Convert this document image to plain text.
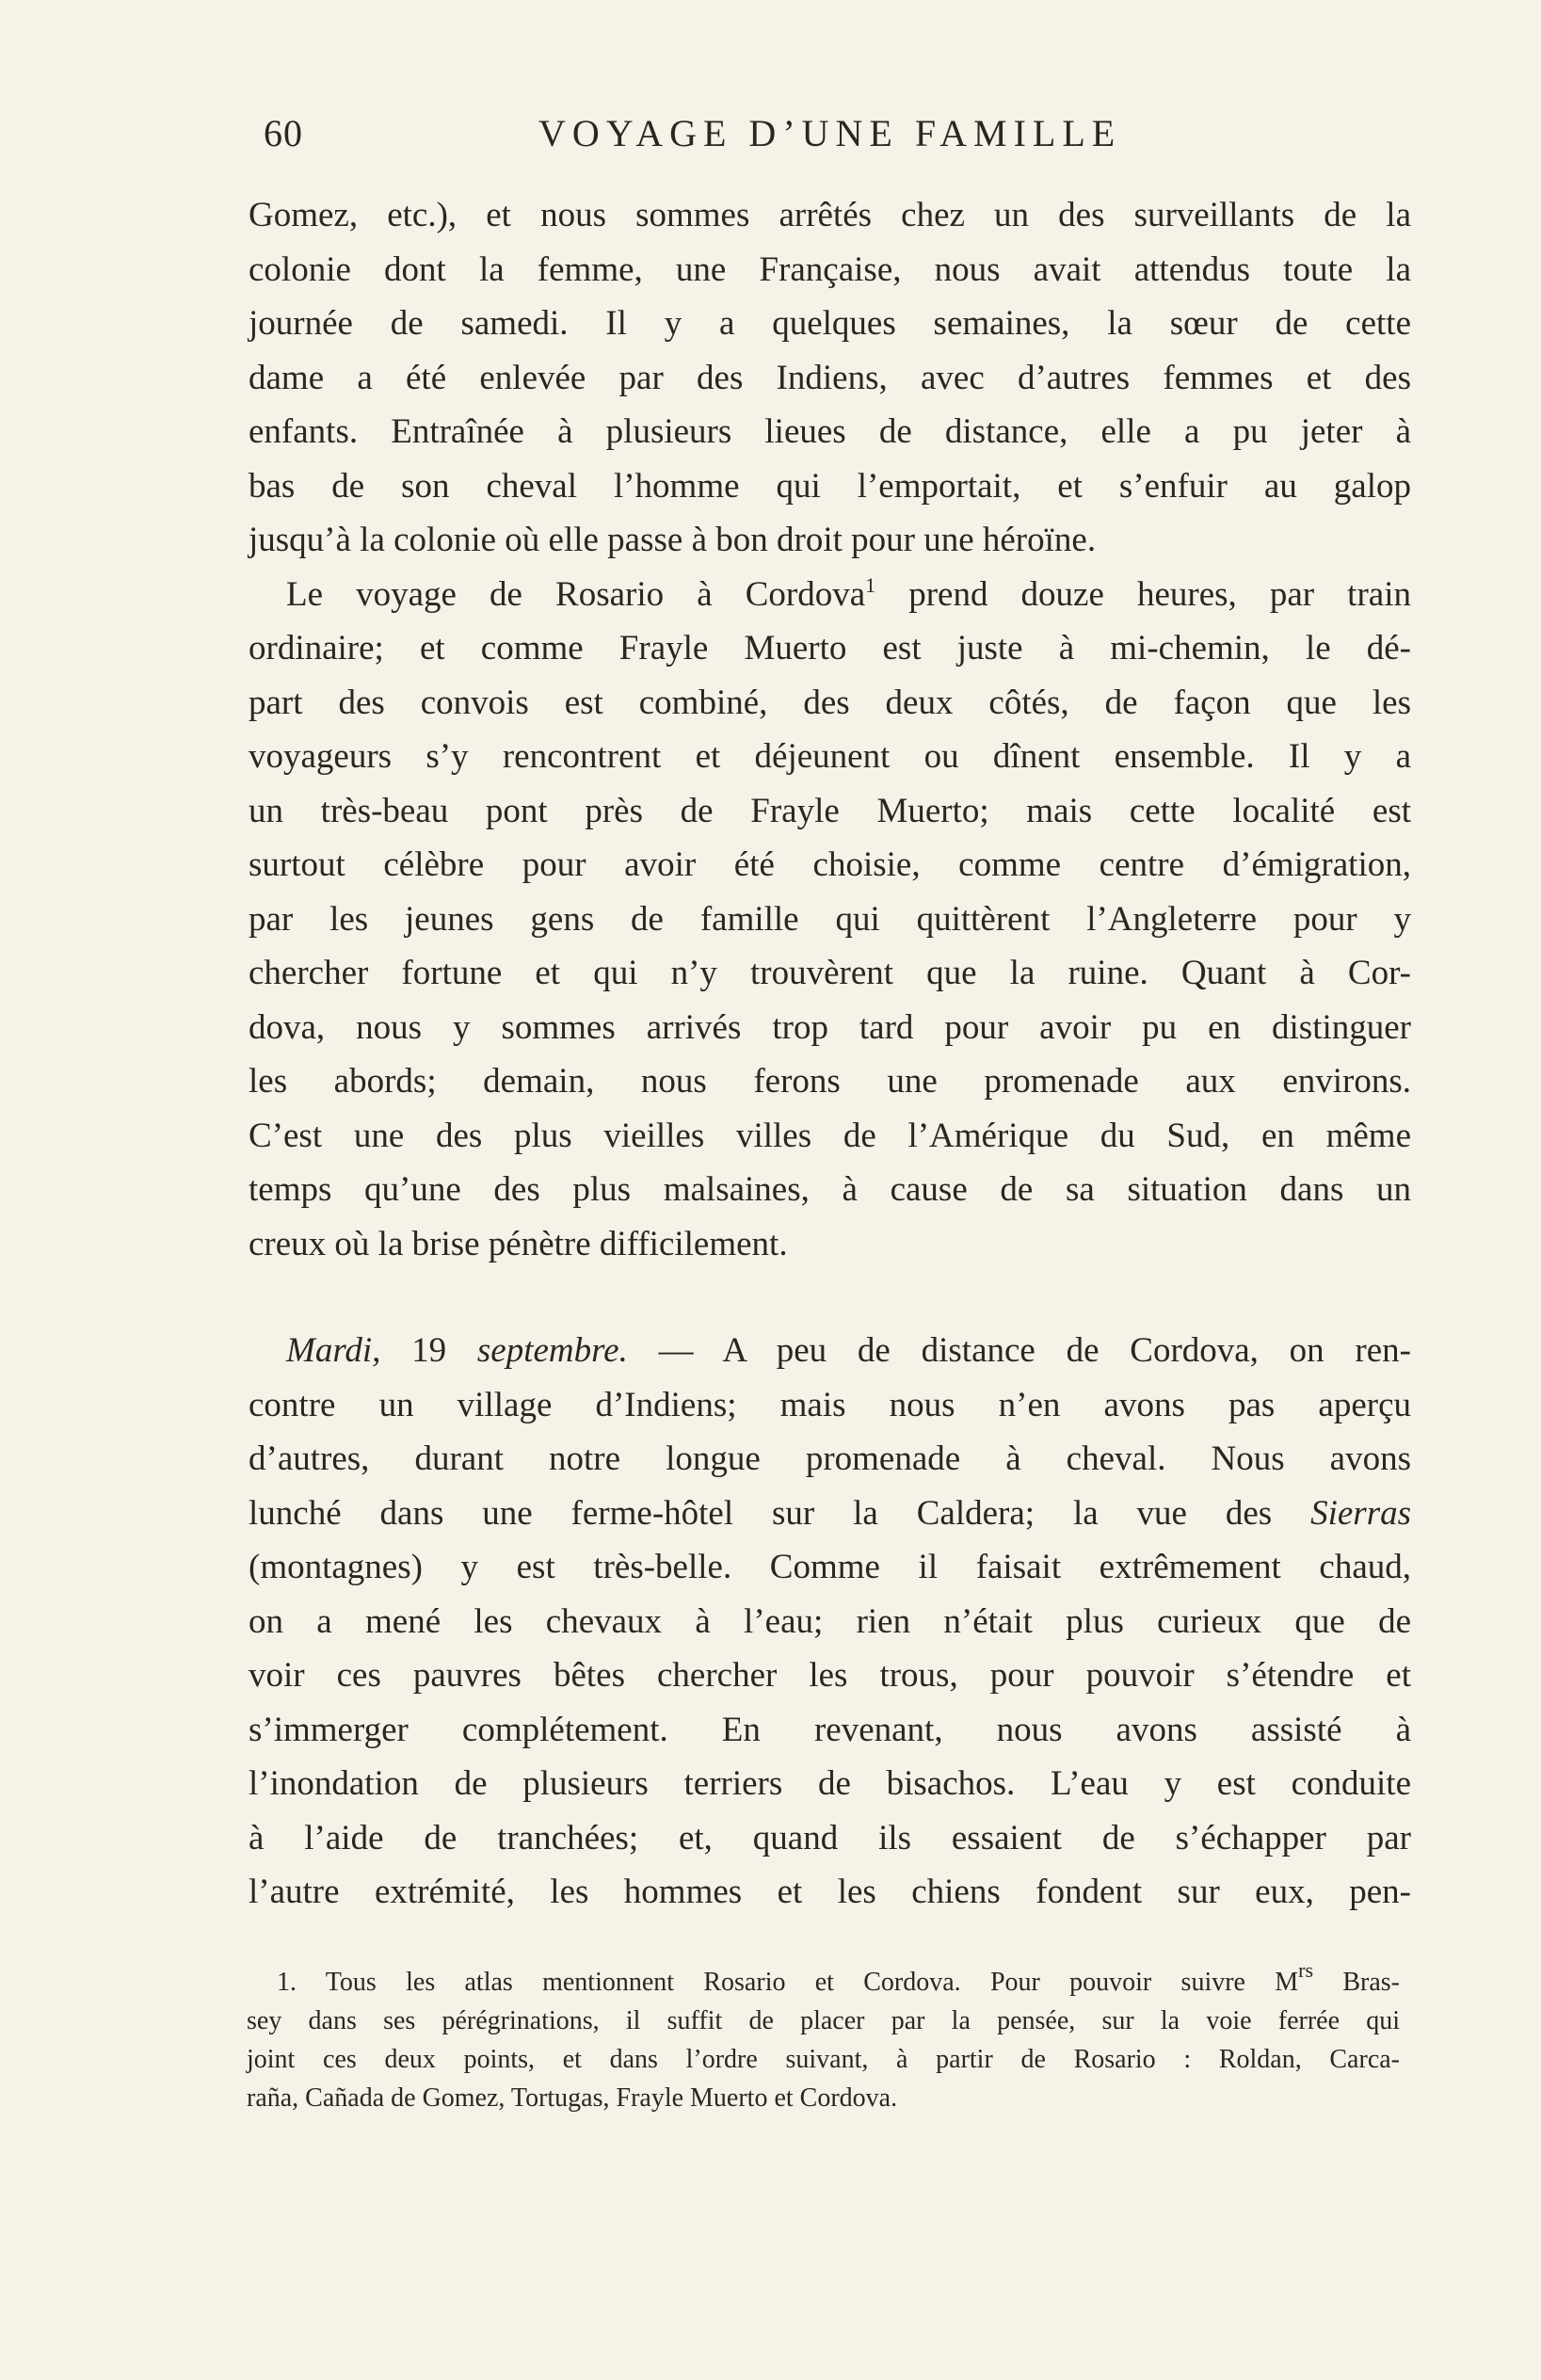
60	VOYAGE D’UNE FAMILLE
Gomez, etc.), et nous sommes arrêtés chez un des surveillants de la
colonie dont la femme, une Française, nous avait attendus toute la
journée de samedi. Il y a quelques semaines, la sœur de cette
dame a été enlevée par des Indiens, avec d’autres femmes et des
enfants. Entraînée à plusieurs lieues de distance, elle a pu jeter à
bas de son cheval l’homme qui l’emportait, et s’enfuir au galop
jusqu’à la colonie où elle passe à bon droit pour une héroïne.
Le voyage de Rosario à Cordova$^1$ prend douze heures, par train
ordinaire; et comme Frayle Muerto est juste à mi-chemin, le dé-
part des convois est combiné, des deux côtés, de façon que les
voyageurs s’y rencontrent et déjeunent ou dînent ensemble. Il y a
un très-beau pont près de Frayle Muerto; mais cette localité est
surtout célèbre pour avoir été choisie, comme centre d’émigration,
par les jeunes gens de famille qui quittèrent l’Angleterre pour y
chercher fortune et qui n’y trouvèrent que la ruine. Quant à Cor-
dova, nous y sommes arrivés trop tard pour avoir pu en distinguer
les abords; demain, nous ferons une promenade aux environs.
C’est une des plus vieilles villes de l’Amérique du Sud, en même
temps qu’une des plus malsaines, à cause de sa situation dans un
creux où la brise pénètre difficilement.
Mardi, 19 septembre. — A peu de distance de Cordova, on ren-
contre un village d’Indiens; mais nous n’en avons pas aperçu
d’autres, durant notre longue promenade à cheval. Nous avons
lunché dans une ferme-hôtel sur la Caldera; la vue des Sierras
(montagnes) y est très-belle. Comme il faisait extrêmement chaud,
on a mené les chevaux à l’eau; rien n’était plus curieux que de
voir ces pauvres bêtes chercher les trous, pour pouvoir s’étendre et
s’immerger complétement. En revenant, nous avons assisté à
l’inondation de plusieurs terriers de bisachos. L’eau y est conduite
à l’aide de tranchées; et, quand ils essaient de s’échapper par
l’autre extrémité, les hommes et les chiens fondent sur eux, pen-
1. Tous les atlas mentionnent Rosario et Cordova. Pour pouvoir suivre $M^{rs}$ Bras-
sey dans ses pérégrinations, il suffit de placer par la pensée, sur la voie ferrée qui
joint ces deux points, et dans l’ordre suivant, à partir de Rosario : Roldan, Carca-
raña, Cañada de Gomez, Tortugas, Frayle Muerto et Cordova.
